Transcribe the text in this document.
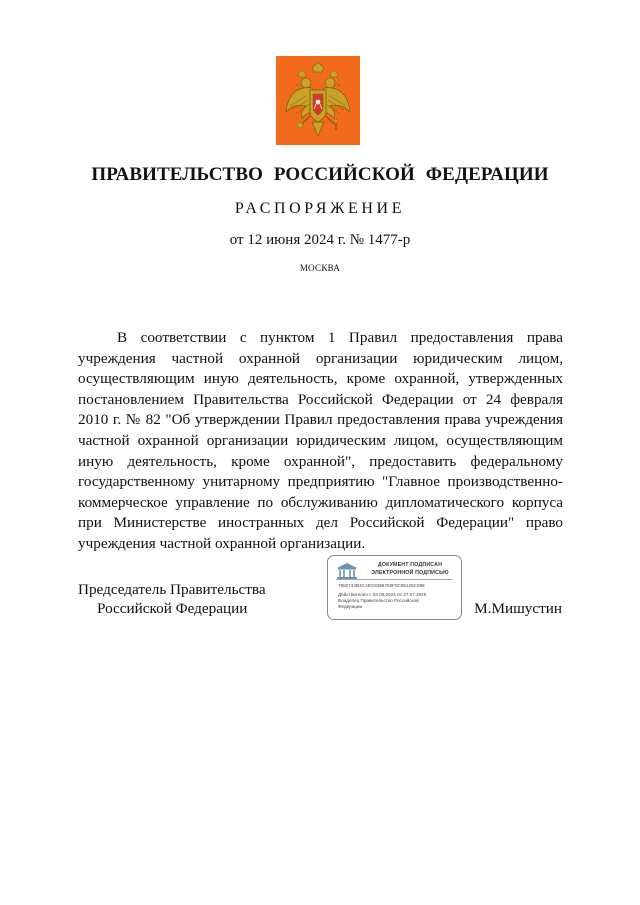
ПРАВИТЕЛЬСТВО РОССИЙСКОЙ ФЕДЕРАЦИИ
РАСПОРЯЖЕНИЕ
от 12 июня 2024 г. № 1477-р
МОСКВА
В соответствии с пунктом 1 Правил предоставления права
учреждения частной охранной организации юридическим лицом,
осуществляющим иную деятельность, кроме охранной, утвержденных
постановлением Правительства Российской Федерации от 24 февраля
2010 г. № 82 "Об утверждении Правил предоставления права учреждения
частной охранной организации юридическим лицом, осуществляющим
иную деятельность, кроме охранной", предоставить федеральному
государственному унитарному предприятию "Главное производственно-
коммерческое управление по обслуживанию дипломатического корпуса
при Министерстве иностранных дел Российской Федерации" право
учреждения частной охранной организации.
Председатель Правительства
Российской Федерации
ДОКУМЕНТ ПОДПИСАН
ЭЛЕКТРОННОЙ ПОДПИСЬЮ
7882744B3CAEC8396750F0C86125C098
Действителен с 03.05.2024 по 27.07.2025
Владелец Правительство Российской
Федерации	М.Мишустин
